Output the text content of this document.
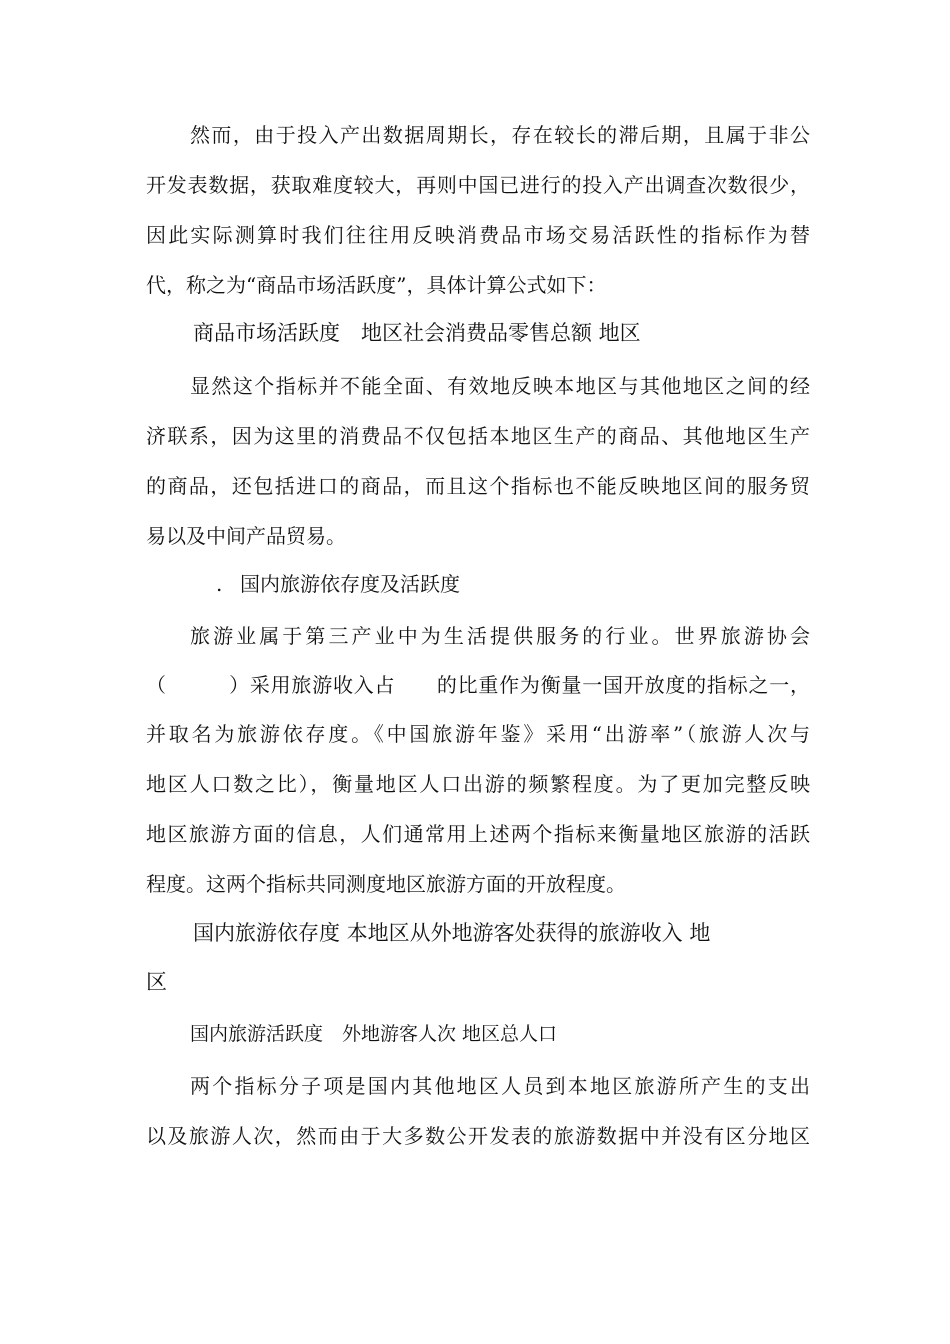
然而，由于投入产出数据周期长，存在较长的滞后期，且属于非公
开发表数据，获取难度较大，再则中国已进行的投入产出调查次数很少，
因此实际测算时我们往往用反映消费品市场交易活跃性的指标作为替
代，称之为“商品市场活跃度”，具体计算公式如下：
商品市场活跃度　地区社会消费品零售总额 地区
显然这个指标并不能全面、有效地反映本地区与其他地区之间的经
济联系，因为这里的消费品不仅包括本地区生产的商品、其他地区生产
的商品，还包括进口的商品，而且这个指标也不能反映地区间的服务贸
易以及中间产品贸易。
. 国内旅游依存度及活跃度
旅游业属于第三产业中为生活提供服务的行业。世界旅游协会
（　　　）采用旅游收入占　　的比重作为衡量一国开放度的指标之一，
并取名为旅游依存度。《中国旅游年鉴》采用“出游率”（旅游人次与
地区人口数之比），衡量地区人口出游的频繁程度。为了更加完整反映
地区旅游方面的信息，人们通常用上述两个指标来衡量地区旅游的活跃
程度。这两个指标共同测度地区旅游方面的开放程度。
国内旅游依存度 本地区从外地游客处获得的旅游收入 地
区
国内旅游活跃度　外地游客人次 地区总人口
两个指标分子项是国内其他地区人员到本地区旅游所产生的支出
以及旅游人次，然而由于大多数公开发表的旅游数据中并没有区分地区
